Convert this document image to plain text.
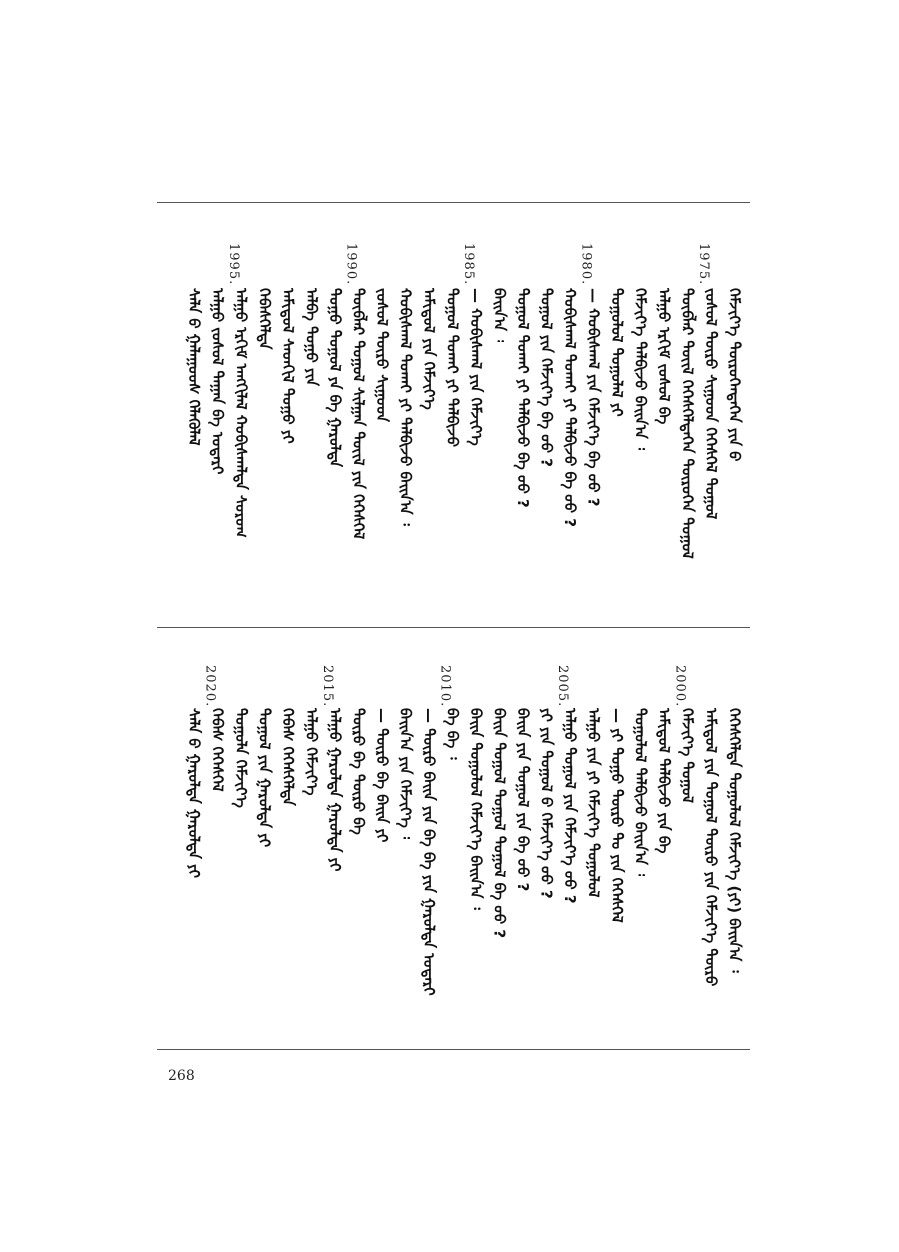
ᠰᠡᠯᠡ ᠪ ᠭᠠᠯᠠᠭᠤᠤᠰ ᠬᠡᠯᠡᠬᠦᠯᠡᠯ ᠠᠯᠭᠤ ᠵᠤᠰᠤᠯ ᠲᠠᠭᠠᠨ ᠪᠠ ᠤᠳᠠᠷᠢ
1995.
ᠠᠯᠭᠤ ᠡᠷᠬᠢᠮ ᠠᠩᠭᠢᠯᠠᠯ ᠬᠤᠪᠢᠰᠬᠠᠯᠳᠠ ᠰᠤᠷᠤᠬ ᠬᠡᠪᠡᠰᠭᠡᠯᠳᠡ ᠠᠮᠢᠳᠤᠯ ᠰᠡᠳᠬᠢᠯ ᠲᠤᠭᠤ ᠶᠢ ᠠᠯᠪᠠ ᠲᠤᠭᠤ ᠶᠢᠨ ᠲᠤᠭᠤ ᠲᠤᠭᠤᠯ ᠶᠠ ᠪᠠ ᠭᠠᠷᠤᠯᠲᠠ
1990.
ᠲᠦᠪᠯᠡᠷ ᠲᠤᠭᠤᠯ ᠰᠢᠯᠭᠠᠨ ᠲᠦᠢᠯ ᠶᠢᠨ ᠬᠡᠭᠡᠰᠭᠡᠯ ᠵᠤᠰᠤᠯ ᠲᠦᠷᠦ ᠰᠢᠭᠤᠳ ᠬᠤᠪᠢᠰᠬᠠᠯ ᠲᠤᠬᠠᠢ ᠶᠢ ᠲᠠᠯᠪᠢᠵᠤ ᠪᠠᠢᠨ᠎ᠠ ᠄ ᠠᠮᠢᠳᠤᠯ ᠶᠢᠨ ᠬᠡᠮᠵᠢᠶ᠎ᠡ ᠲᠤᠭᠤᠯ ᠲᠤᠬᠠᠢ ᠶᠢ ᠲᠠᠯᠪᠢᠵᠤ
1985.
— ᠬᠤᠪᠢᠰᠬᠠᠯ ᠶᠢᠨ ᠬᠡᠮᠵᠢᠶ᠎ᠡ ᠪᠠᠢᠨ᠎ᠠ ᠄ ᠲᠤᠭᠤᠯ ᠲᠤᠬᠠᠢ ᠶᠢ ᠲᠠᠯᠪᠢᠵᠤ ᠪᠠ ᠤᠤ ? ᠲᠤᠭᠤᠯ ᠶᠢᠨ ᠬᠡᠮᠵᠢᠶ᠎ᠡ ᠪᠠ ᠤᠤ ? ᠬᠤᠪᠢᠰᠬᠠᠯ ᠲᠤᠬᠠᠢ ᠶᠢ ᠲᠠᠯᠪᠢᠵᠤ ᠪᠠ ᠤᠤ ?
1980.
— ᠬᠤᠪᠢᠰᠬᠠᠯ ᠶᠢᠨ ᠬᠡᠮᠵᠢᠶ᠎ᠡ ᠪᠠ ᠤᠤ ? ᠲᠤᠭᠤᠯᠤᠯ ᠲᠤᠭᠤᠯᠠᠯ ᠶᠢ ᠬᠡᠮᠵᠢᠶ᠎ᠡ ᠲᠠᠯᠪᠢᠵᠤ ᠪᠠᠢᠨ᠎ᠠ ᠄ ᠠᠯᠭᠤ ᠡᠷᠬᠢᠮ ᠵᠤᠰᠤᠯ ᠪᠠ ᠲᠦᠪᠯᠡᠷ ᠲᠦᠢᠯ ᠬᠡᠭᠡᠰᠭᠡᠯᠳᠡᠭᠡᠨ ᠲᠦᠷᠦᠭᠡᠨ ᠲᠤᠭᠤᠯ
1975.
ᠵᠤᠰᠤᠯ ᠲᠦᠷᠦ ᠰᠢᠭᠤᠳ ᠬᠡᠭᠡᠰᠭᠡᠯ ᠲᠤᠭᠤᠯ ᠬᠡᠮᠵᠢᠶ᠎ᠡ ᠲᠦᠷᠦᠭᠡᠨᠳᠡᠭᠡᠨ ᠶᠢᠨ ᠪ
ᠰᠡᠯᠡ ᠪ ᠭᠠᠷᠤᠯᠲᠠ ᠭᠠᠷᠤᠯᠲᠠ ᠶᠢ
2020.
ᠬᠡᠪᠡᠰ ᠬᠡᠭᠡᠰᠭᠡᠯ ᠲᠤᠭᠤᠯᠠ ᠬᠡᠮᠵᠢᠶ᠎ᠡ ᠲᠤᠭᠤᠯ ᠶᠢᠨ ᠭᠠᠷᠤᠯᠲᠠ ᠶᠢ ᠬᠡᠪᠡᠰ ᠬᠡᠭᠡᠰᠭᠡᠯᠳᠡ ᠠᠯᠭᠤ ᠬᠡᠮᠵᠢᠶ᠎ᠡ
2015.
ᠠᠯᠭᠤ ᠭᠠᠷᠤᠯᠲᠠ ᠭᠠᠷᠤᠯᠲᠠ ᠶᠢ ᠲᠦᠷᠦ ᠪᠠ ᠲᠦᠷᠦ ᠪᠠ — ᠲᠦᠷᠦ ᠪᠠ ᠪᠠᠢᠨ ᠶᠢ ᠪᠠᠢᠨ᠎ᠠ ᠶᠢᠨ ᠬᠡᠮᠵᠢᠶ᠎ᠡ ᠄ — ᠲᠦᠷᠦ ᠪᠠᠢᠨ ᠶᠢᠨ ᠪᠠ ᠪᠠ ᠶᠢᠨ ᠭᠠᠷᠤᠯᠲᠠ ᠤᠳᠠᠷᠢ
2010.
ᠪᠠ ᠪᠠ ᠄ ᠪᠠᠢᠨ ᠲᠤᠭᠤᠯᠤᠯ ᠬᠡᠮᠵᠢᠶ᠎ᠡ ᠪᠠᠢᠨ᠎ᠠ ᠄ ᠪᠠᠢᠨ ᠲᠤᠭᠤᠯ ᠲᠤᠭᠤᠯ ᠲᠤᠭᠤᠯ ᠪᠠ ᠤᠤ ? ᠪᠠᠢᠨ ᠶᠢᠨ ᠲᠤᠭᠤᠯ ᠶᠢᠨ ᠪᠠ ᠤᠤ ? ᠶᠢ ᠶᠢᠨ ᠲᠤᠭᠤᠯ ᠪ ᠬᠡᠮᠵᠢᠶ᠎ᠡ ᠤᠤ ?
2005.
ᠠᠯᠭᠤ ᠲᠤᠭᠤᠯ ᠶᠢᠨ ᠬᠡᠮᠵᠢᠶ᠎ᠡ ᠤᠤ ? ᠠᠯᠭᠤ ᠶᠢᠨ ᠶᠢ ᠬᠡᠮᠵᠢᠶ᠎ᠡ ᠲᠤᠭᠤᠯᠤᠯ — ᠶᠢ ᠲᠤᠭᠤ ᠲᠦᠷᠦ ᠲᠤ ᠶᠢᠨ ᠬᠡᠭᠡᠰᠭᠡᠯ ᠲᠤᠭᠤᠯᠤᠯ ᠲᠠᠯᠪᠢᠵᠤ ᠪᠠᠢᠨ᠎ᠠ ᠄ ᠠᠮᠢᠳᠤᠯ ᠲᠠᠯᠪᠢᠵᠤ ᠶᠢᠨ ᠪᠠ
2000.
ᠬᠡᠮᠵᠢᠶ᠎ᠡ ᠲᠤᠭᠤᠯ ᠠᠮᠢᠳᠤᠯ ᠶᠢᠨ ᠲᠤᠭᠤᠯ ᠲᠦᠷᠦ ᠶᠢᠨ ᠬᠡᠮᠵᠢᠶ᠎ᠡ ᠲᠦᠷᠦ ᠬᠡᠭᠡᠰᠭᠡᠯᠳᠡ ᠲᠤᠭᠤᠯᠤᠯ ᠬᠡᠮᠵᠢᠶ᠎ᠡ (ᠶᠢ) ᠪᠠᠢᠨ᠎ᠠ ᠄
268
